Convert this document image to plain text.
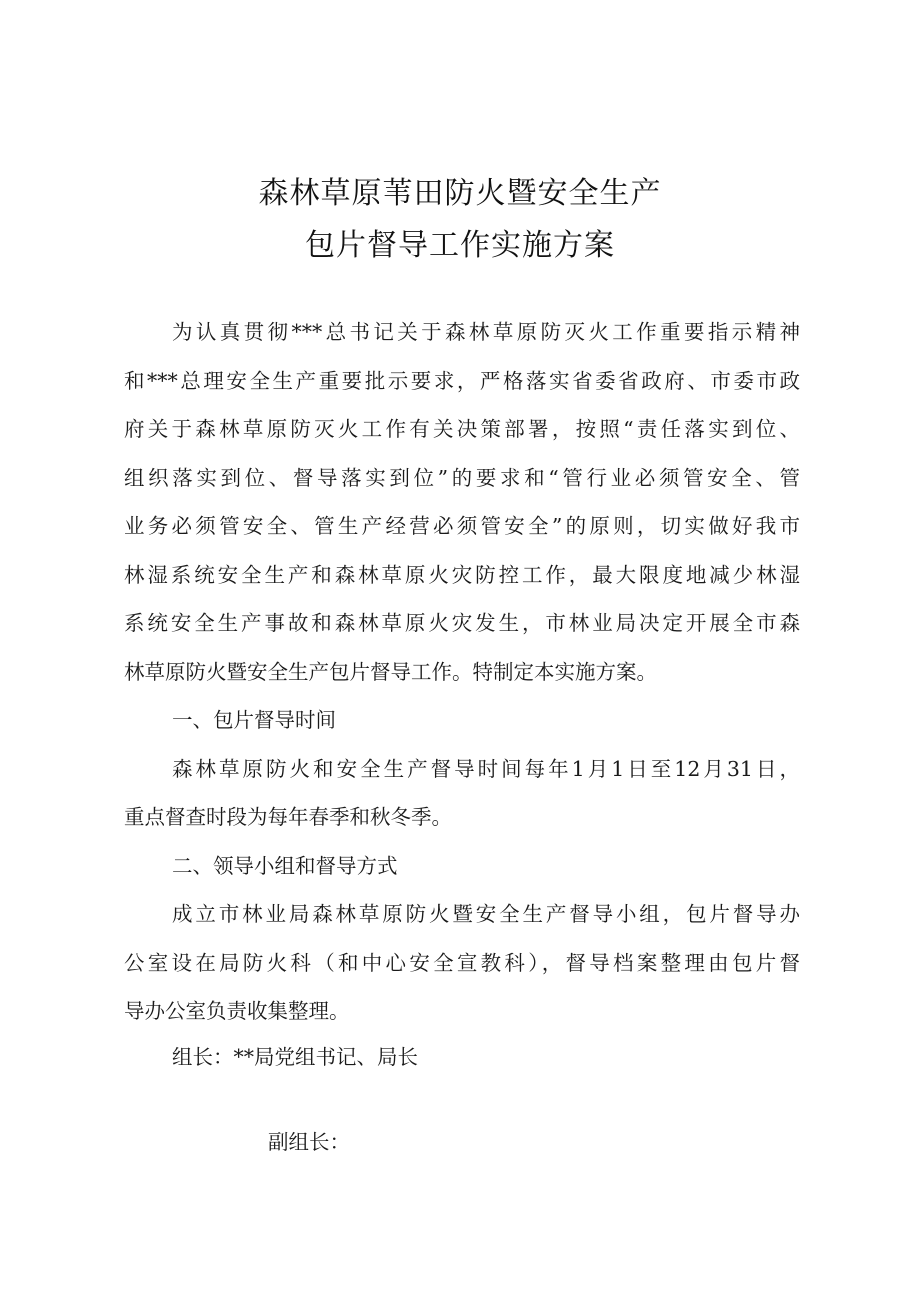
森林草原苇田防火暨安全生产
包片督导工作实施方案
为认真贯彻***总书记关于森林草原防灭火工作重要指示精神
和***总理安全生产重要批示要求，严格落实省委省政府、市委市政
府关于森林草原防灭火工作有关决策部署，按照“责任落实到位、
组织落实到位、督导落实到位”的要求和“管行业必须管安全、管
业务必须管安全、管生产经营必须管安全”的原则，切实做好我市
林湿系统安全生产和森林草原火灾防控工作，最大限度地减少林湿
系统安全生产事故和森林草原火灾发生，市林业局决定开展全市森
林草原防火暨安全生产包片督导工作。特制定本实施方案。
一、包片督导时间
森林草原防火和安全生产督导时间每年1月1日至12月31日，
重点督查时段为每年春季和秋冬季。
二、领导小组和督导方式
成立市林业局森林草原防火暨安全生产督导小组，包片督导办
公室设在局防火科（和中心安全宣教科），督导档案整理由包片督
导办公室负责收集整理。
组长：**局党组书记、局长
副组长：
